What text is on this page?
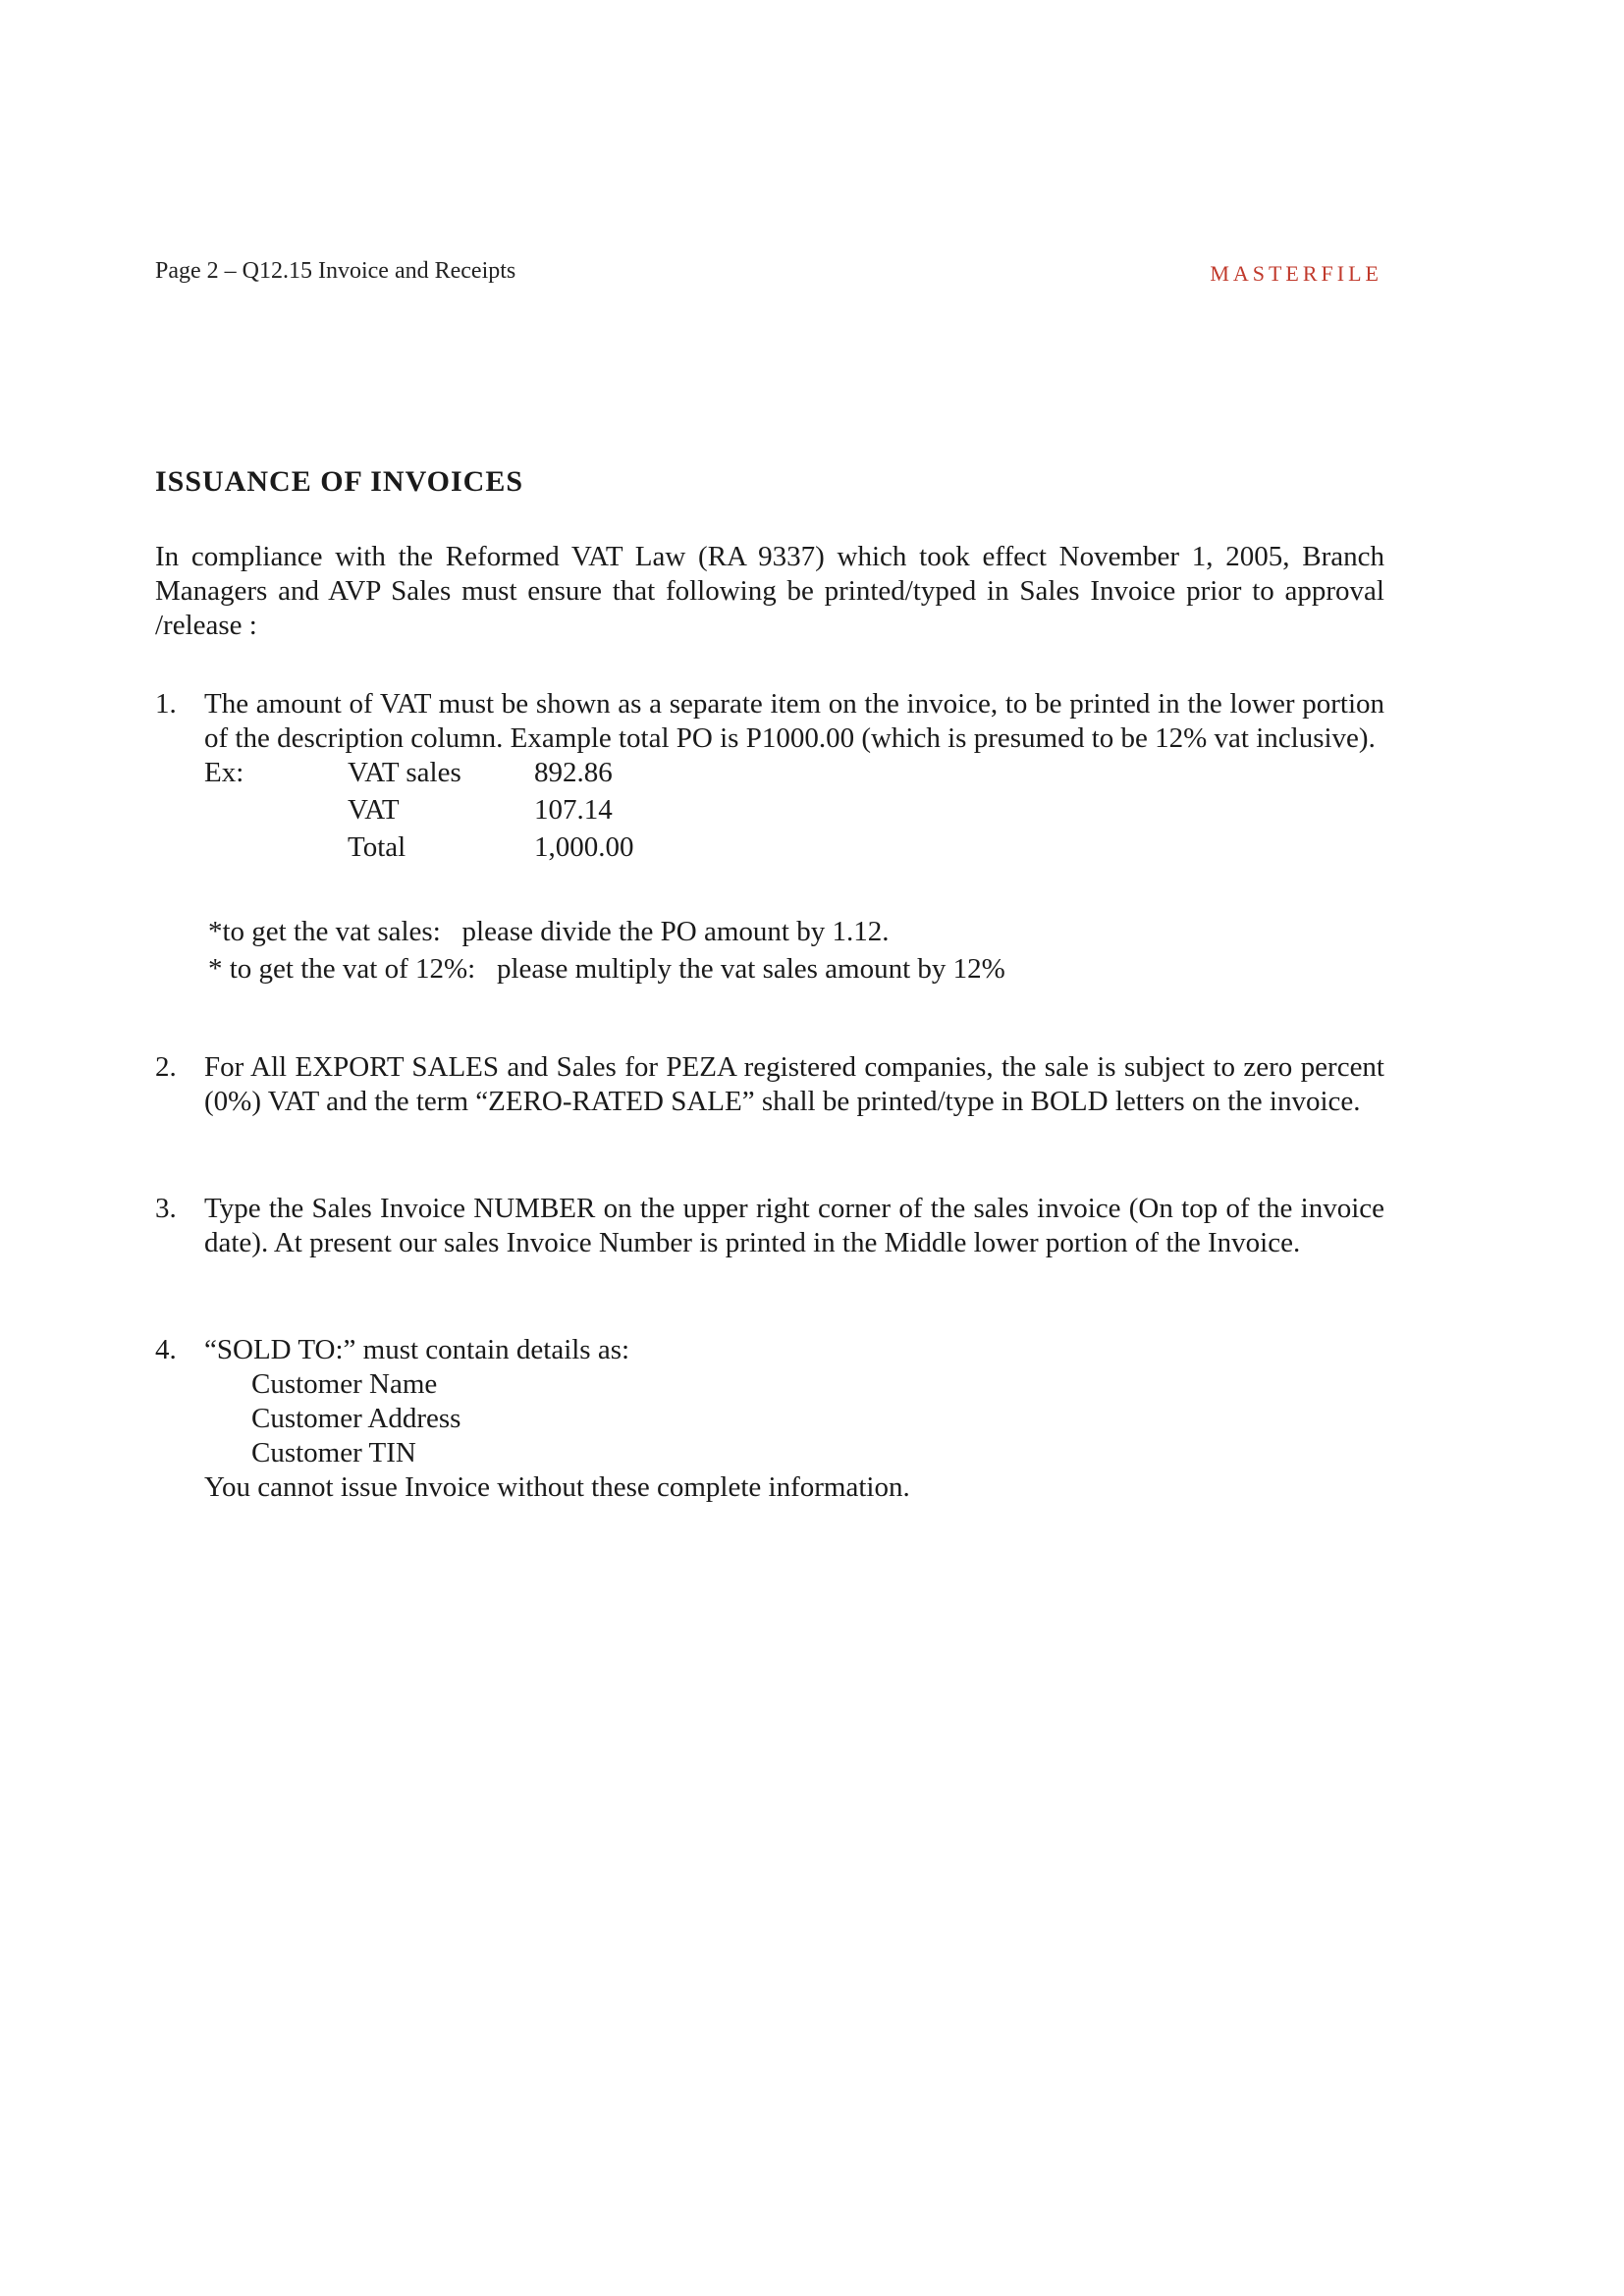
Page 2 – Q12.15 Invoice and Receipts	MASTERFILE
ISSUANCE OF INVOICES
In compliance with the Reformed VAT Law (RA 9337) which took effect November 1, 2005, Branch Managers and AVP Sales must ensure that following be printed/typed in Sales Invoice prior to approval /release :
1. The amount of VAT must be shown as a separate item on the invoice, to be printed in the lower portion of the description column. Example total PO is P1000.00 (which is presumed to be 12% vat inclusive).
Ex:	VAT sales	892.86
VAT	107.14
Total	1,000.00
*to get the vat sales:   please divide the PO amount by 1.12.
* to get the vat of 12%:   please multiply the vat sales amount by 12%
2. For All EXPORT SALES and Sales for PEZA registered companies, the sale is subject to zero percent (0%) VAT and the term “ZERO-RATED SALE” shall be printed/type in BOLD letters on the invoice.
3. Type the Sales Invoice NUMBER on the upper right corner of the sales invoice (On top of the invoice date). At present our sales Invoice Number is printed in the Middle lower portion of the Invoice.
4. “SOLD TO:” must contain details as:
Customer Name
Customer Address
Customer TIN
You cannot issue Invoice without these complete information.
